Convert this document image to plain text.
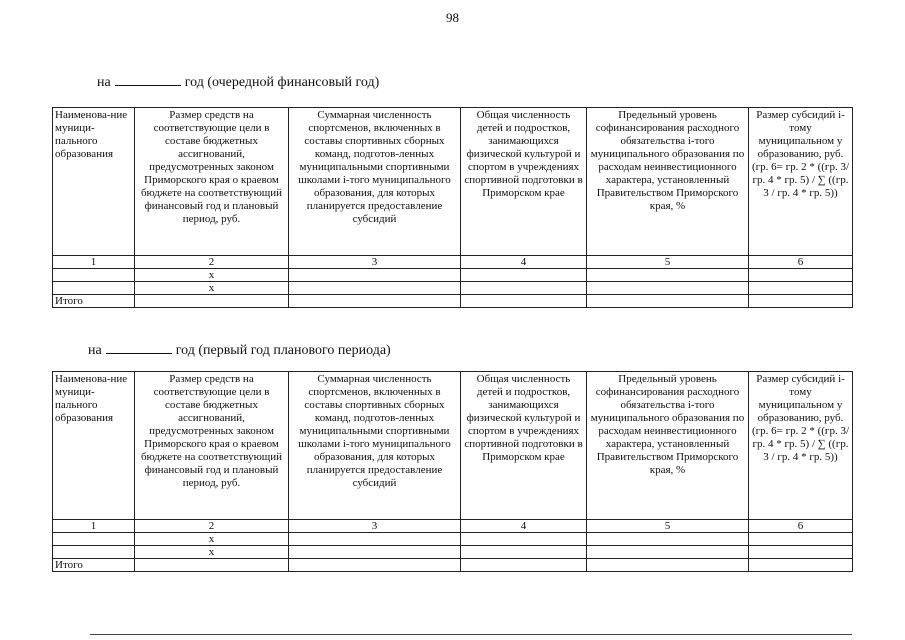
98
на	год (очередной финансовый год)
Наименова-ние муници-пального образования	Размер средств на соответствующие цели в составе бюджетных ассигнований, предусмотренных законом Приморского края о краевом бюджете на соответствующий финансовый год и плановый период, руб.	Суммарная численность спортсменов, включенных в составы спортивных сборных команд, подготов-ленных муниципальными спортивными школами i-того муниципального образования, для которых планируется предоставление субсидий	Общая численность детей и подростков, занимающихся физической культурой и спортом в учреждениях спортивной подготовки в Приморском крае	Предельный уровень софинансирования расходного обязательства i-того муниципального образования по расходам неинвестиционного характера, установленный Правительством Приморского края, %	Размер субсидий i-тому муниципальном у образованию, руб. (гр. 6= гр. 2 * ((гр. 3/ гр. 4 * гр. 5) / ∑ ((гр. 3 / гр. 4 * гр. 5))
1	2	3	4	5	6
	x				
	x				
Итого					
на	год (первый год планового периода)
Наименова-ние муници-пального образования	Размер средств на соответствующие цели в составе бюджетных ассигнований, предусмотренных законом Приморского края о краевом бюджете на соответствующий финансовый год и плановый период, руб.	Суммарная численность спортсменов, включенных в составы спортивных сборных команд, подготов-ленных муниципальными спортивными школами i-того муниципального образования, для которых планируется предоставление субсидий	Общая численность детей и подростков, занимающихся физической культурой и спортом в учреждениях спортивной подготовки в Приморском крае	Предельный уровень софинансирования расходного обязательства i-того муниципального образования по расходам неинвестиционного характера, установленный Правительством Приморского края, %	Размер субсидий i-тому муниципальном у образованию, руб. (гр. 6= гр. 2 * ((гр. 3/ гр. 4 * гр. 5) / ∑ ((гр. 3 / гр. 4 * гр. 5))
1	2	3	4	5	6
	x				
	x				
Итого					
